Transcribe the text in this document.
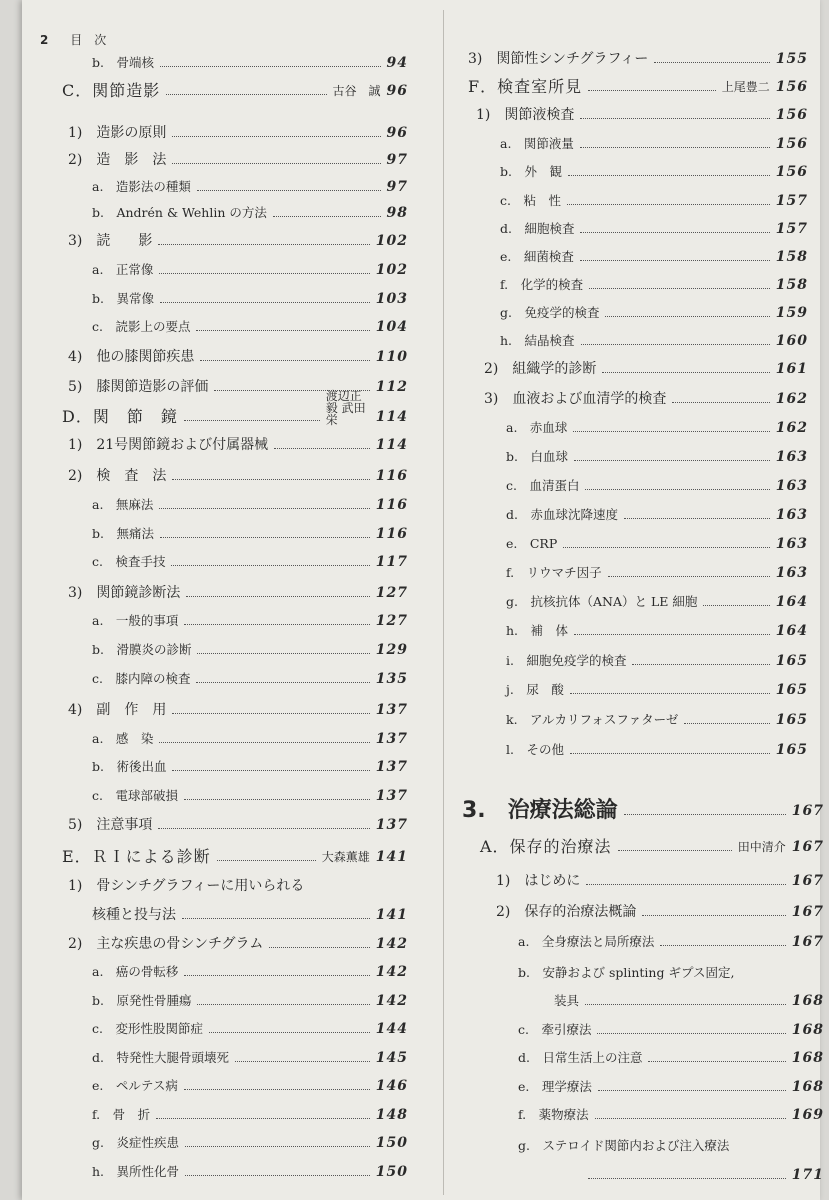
2 目　次
b.　骨端核	94
C．関節造影	古谷　誠 96
1)　造影の原則	96
2)　造　影　法	97
a.　造影法の種類	97
b.　Andrén & Wehlin の方法	98
3)　読　　影	102
a.　正常像	102
b.　異常像	103
c.　読影上の要点	104
4)　他の膝関節疾患	110
5)　膝関節造影の評価	112
D．関　節　鏡
渡辺正毅 武田　栄	114
1)　21号関節鏡および付属器械	114
2)　検　査　法	116
a.　無麻法	116
b.　無痛法	116
c.　検査手技	117
3)　関節鏡診断法	127
a.　一般的事項	127
b.　滑膜炎の診断	129
c.　膝内障の検査	135
4)　副　作　用	137
a.　感　染	137
b.　術後出血	137
c.　電球部破損	137
5)　注意事項	137
E．ＲＩによる診断	大森薫雄 141
1)　骨シンチグラフィーに用いられる
核種と投与法	141
2)　主な疾患の骨シンチグラム	142
a.　癌の骨転移	142
b.　原発性骨腫瘍	142
c.　変形性股関節症	144
d.　特発性大腿骨頭壊死	145
e.　ペルテス病	146
f.　骨　折	148
g.　炎症性疾患	150
h.　異所性化骨	150
3)　関節性シンチグラフィー	155
F．検査室所見	上尾豊二 156
1)　関節液検査	156
a.　関節液量	156
b.　外　観	156
c.　粘　性	157
d.　細胞検査	157
e.　細菌検査	158
f.　化学的検査	158
g.　免疫学的検査	159
h.　結晶検査	160
2)　組織学的診断	161
3)　血液および血清学的検査	162
a.　赤血球	162
b.　白血球	163
c.　血清蛋白	163
d.　赤血球沈降速度	163
e.　CRP	163
f.　リウマチ因子	163
g.　抗核抗体（ANA）と LE 細胞	164
h.　補　体	164
i.　細胞免疫学的検査	165
j.　尿　酸	165
k.　アルカリフォスファターゼ	165
l.　その他	165
3.　治療法総論	167
A．保存的治療法	田中清介 167
1)　はじめに	167
2)　保存的治療法概論	167
a.　全身療法と局所療法	167
b.　安静および splinting ギプス固定,
装具	168
c.　牽引療法	168
d.　日常生活上の注意	168
e.　理学療法	168
f.　薬物療法	169
g.　ステロイド関節内および注入療法
171
